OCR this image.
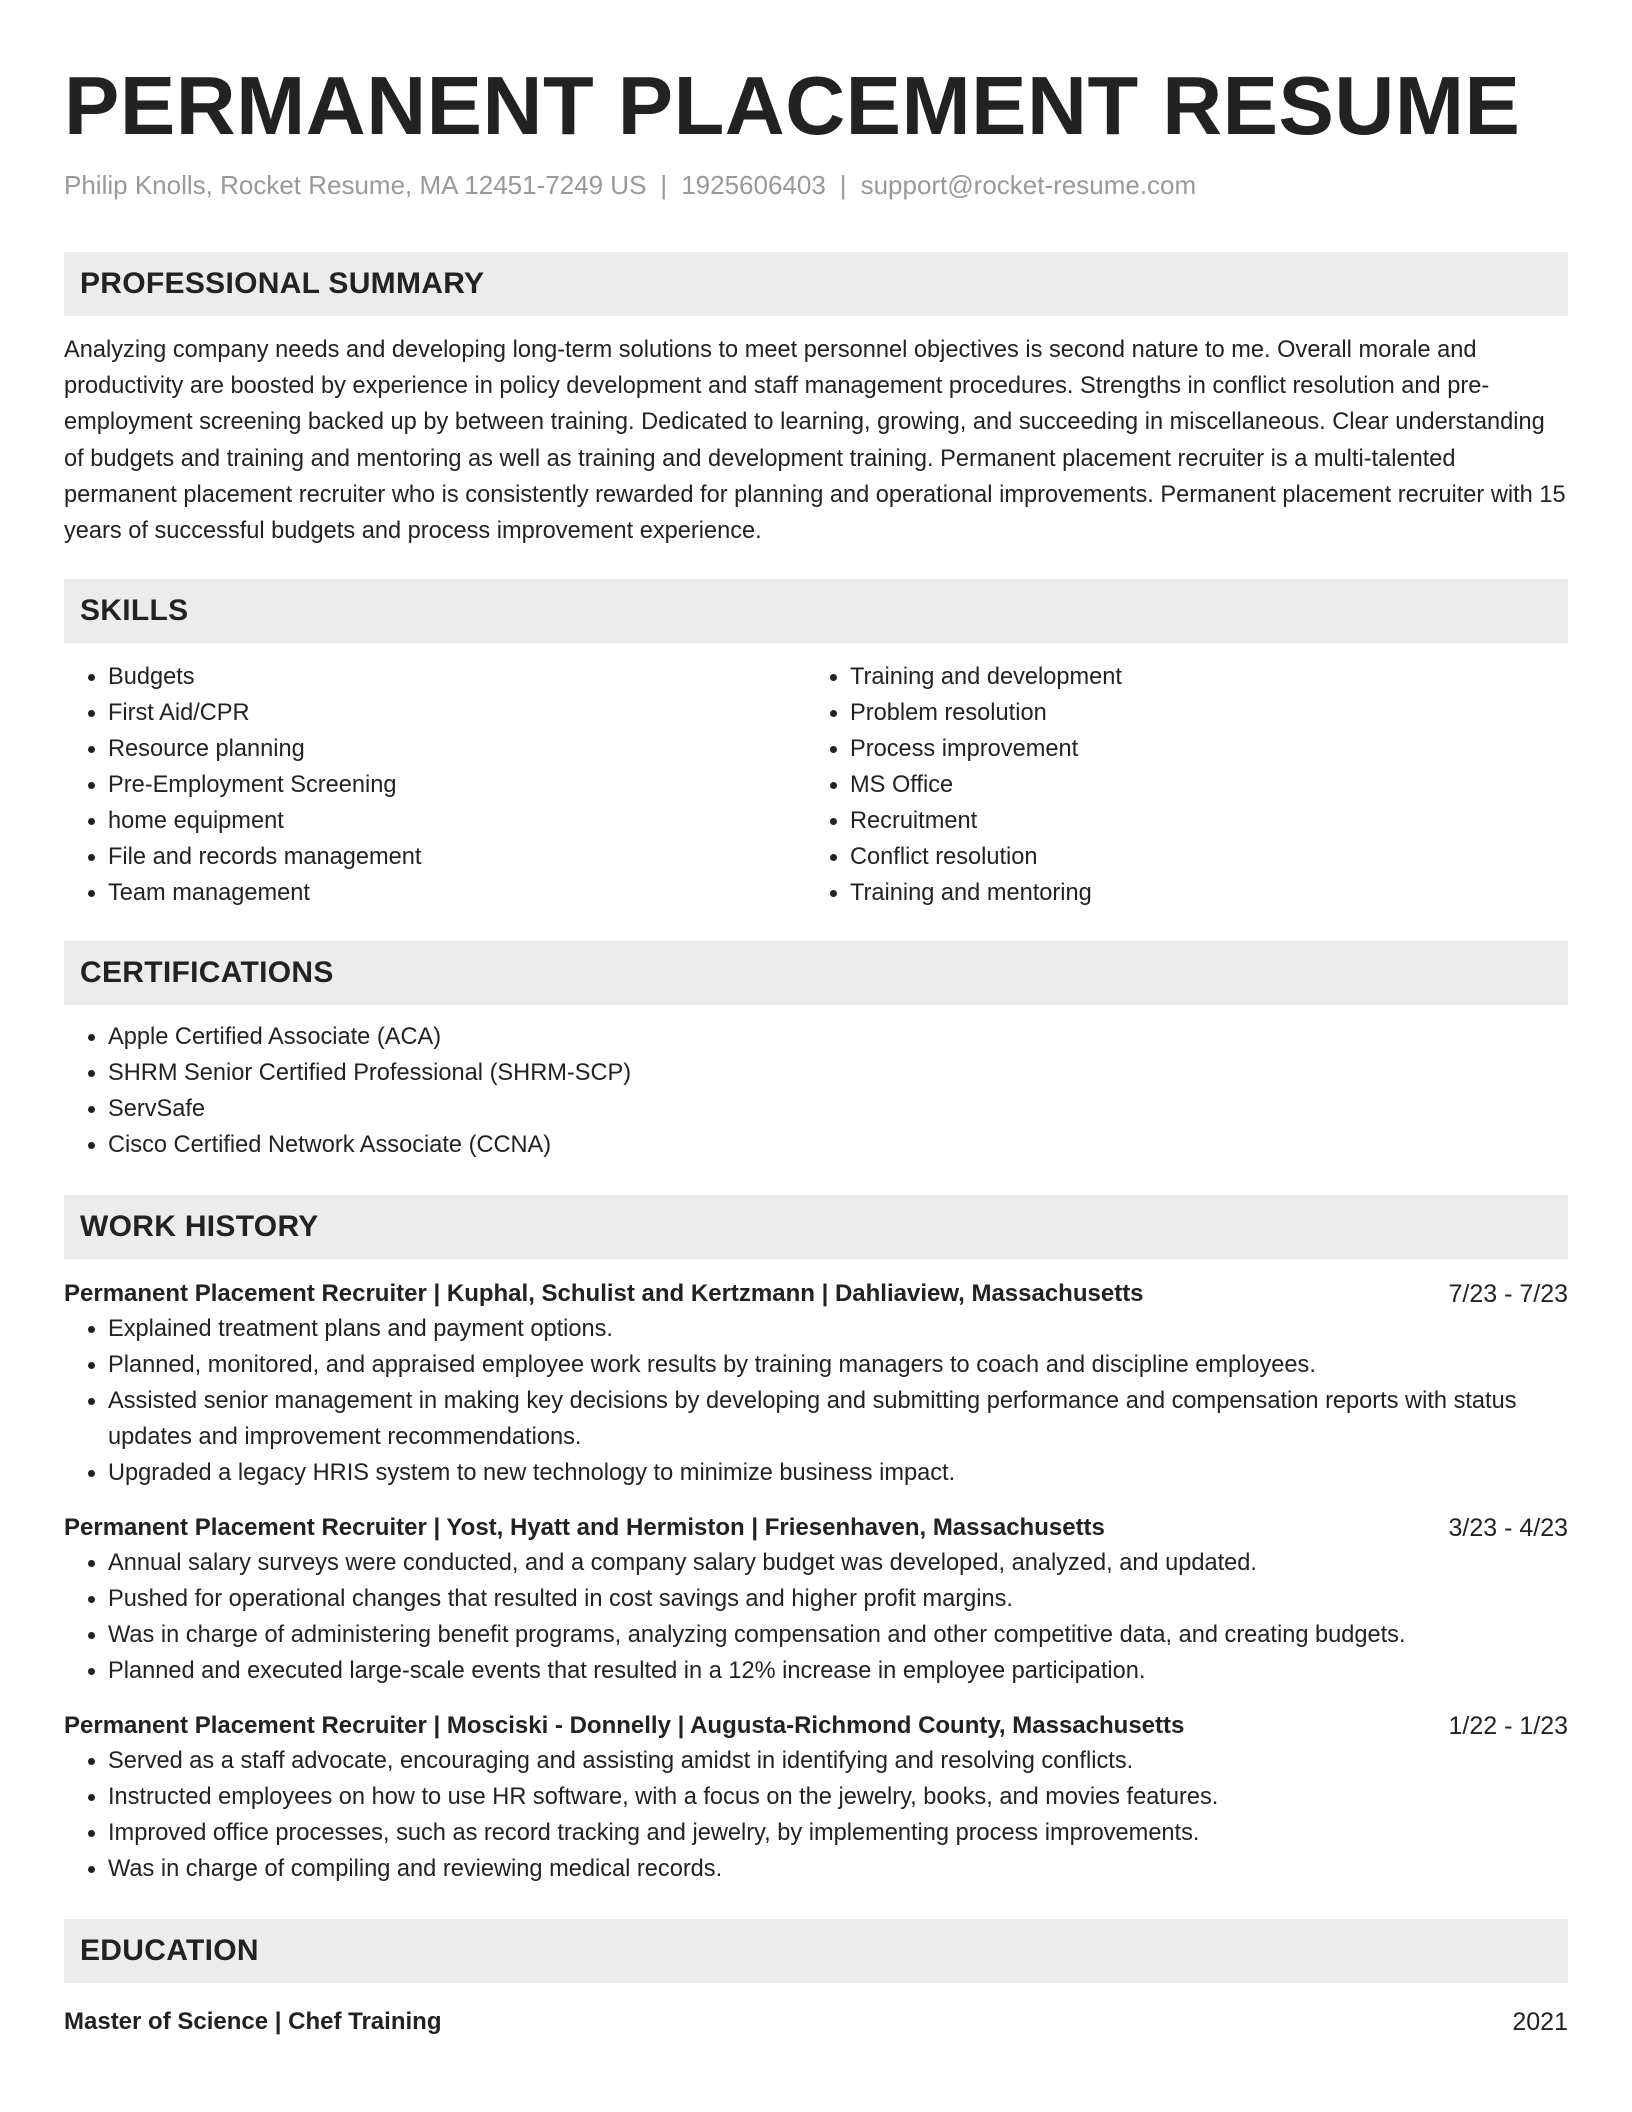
PERMANENT PLACEMENT RESUME
Philip Knolls, Rocket Resume, MA 12451-7249 US | 1925606403 | support@rocket-resume.com
PROFESSIONAL SUMMARY

Analyzing company needs and developing long-term solutions to meet personnel objectives is second nature to me. Overall morale and productivity are boosted by experience in policy development and staff management procedures. Strengths in conflict resolution and pre-employment screening backed up by between training. Dedicated to learning, growing, and succeeding in miscellaneous. Clear understanding of budgets and training and mentoring as well as training and development training. Permanent placement recruiter is a multi-talented permanent placement recruiter who is consistently rewarded for planning and operational improvements. Permanent placement recruiter with 15 years of successful budgets and process improvement experience.

SKILLS
• Budgets
• First Aid/CPR
• Resource planning
• Pre-Employment Screening
• home equipment
• File and records management
• Team management
• Training and development
• Problem resolution
• Process improvement
• MS Office
• Recruitment
• Conflict resolution
• Training and mentoring
CERTIFICATIONS
• Apple Certified Associate (ACA)
• SHRM Senior Certified Professional (SHRM-SCP)
• ServSafe
• Cisco Certified Network Associate (CCNA)
WORK HISTORY
Permanent Placement Recruiter | Kuphal, Schulist and Kertzmann | Dahliaview, Massachusetts	7/23 - 7/23
• Explained treatment plans and payment options.
• Planned, monitored, and appraised employee work results by training managers to coach and discipline employees.
• Assisted senior management in making key decisions by developing and submitting performance and compensation reports with status updates and improvement recommendations.
• Upgraded a legacy HRIS system to new technology to minimize business impact.
Permanent Placement Recruiter | Yost, Hyatt and Hermiston | Friesenhaven, Massachusetts	3/23 - 4/23
• Annual salary surveys were conducted, and a company salary budget was developed, analyzed, and updated.
• Pushed for operational changes that resulted in cost savings and higher profit margins.
• Was in charge of administering benefit programs, analyzing compensation and other competitive data, and creating budgets.
• Planned and executed large-scale events that resulted in a 12% increase in employee participation.
Permanent Placement Recruiter | Mosciski - Donnelly | Augusta-Richmond County, Massachusetts	1/22 - 1/23
• Served as a staff advocate, encouraging and assisting amidst in identifying and resolving conflicts.
• Instructed employees on how to use HR software, with a focus on the jewelry, books, and movies features.
• Improved office processes, such as record tracking and jewelry, by implementing process improvements.
• Was in charge of compiling and reviewing medical records.
EDUCATION
Master of Science | Chef Training	2021
